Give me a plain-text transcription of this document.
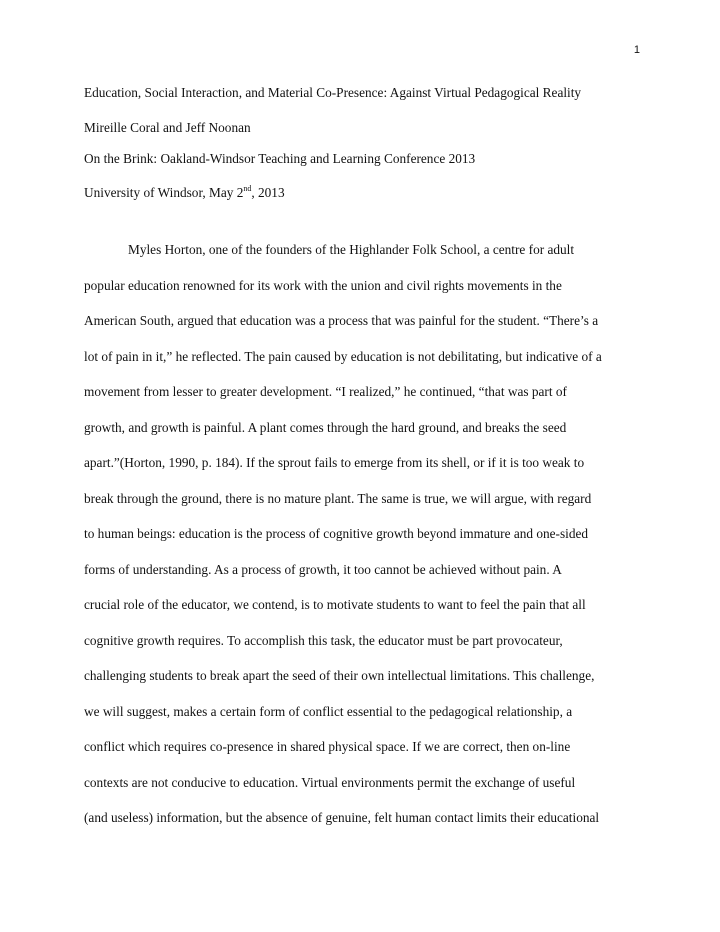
1

Education, Social Interaction, and Material Co-Presence: Against Virtual Pedagogical Reality

Mireille Coral and Jeff Noonan

On the Brink: Oakland-Windsor Teaching and Learning Conference 2013

University of Windsor, May 2nd, 2013

Myles Horton, one of the founders of the Highlander Folk School, a centre for adult
popular education renowned for its work with the union and civil rights movements in the
American South, argued that education was a process that was painful for the student. “There’s a
lot of pain in it,” he reflected. The pain caused by education is not debilitating, but indicative of a
movement from lesser to greater development. “I realized,” he continued, “that was part of
growth, and growth is painful. A plant comes through the hard ground, and breaks the seed
apart.”(Horton, 1990, p. 184). If the sprout fails to emerge from its shell, or if it is too weak to
break through the ground, there is no mature plant. The same is true, we will argue, with regard
to human beings: education is the process of cognitive growth beyond immature and one-sided
forms of understanding. As a process of growth, it too cannot be achieved without pain. A
crucial role of the educator, we contend, is to motivate students to want to feel the pain that all
cognitive growth requires. To accomplish this task, the educator must be part provocateur,
challenging students to break apart the seed of their own intellectual limitations. This challenge,
we will suggest, makes a certain form of conflict essential to the pedagogical relationship, a
conflict which requires co-presence in shared physical space. If we are correct, then on-line
contexts are not conducive to education. Virtual environments permit the exchange of useful
(and useless) information, but the absence of genuine, felt human contact limits their educational
